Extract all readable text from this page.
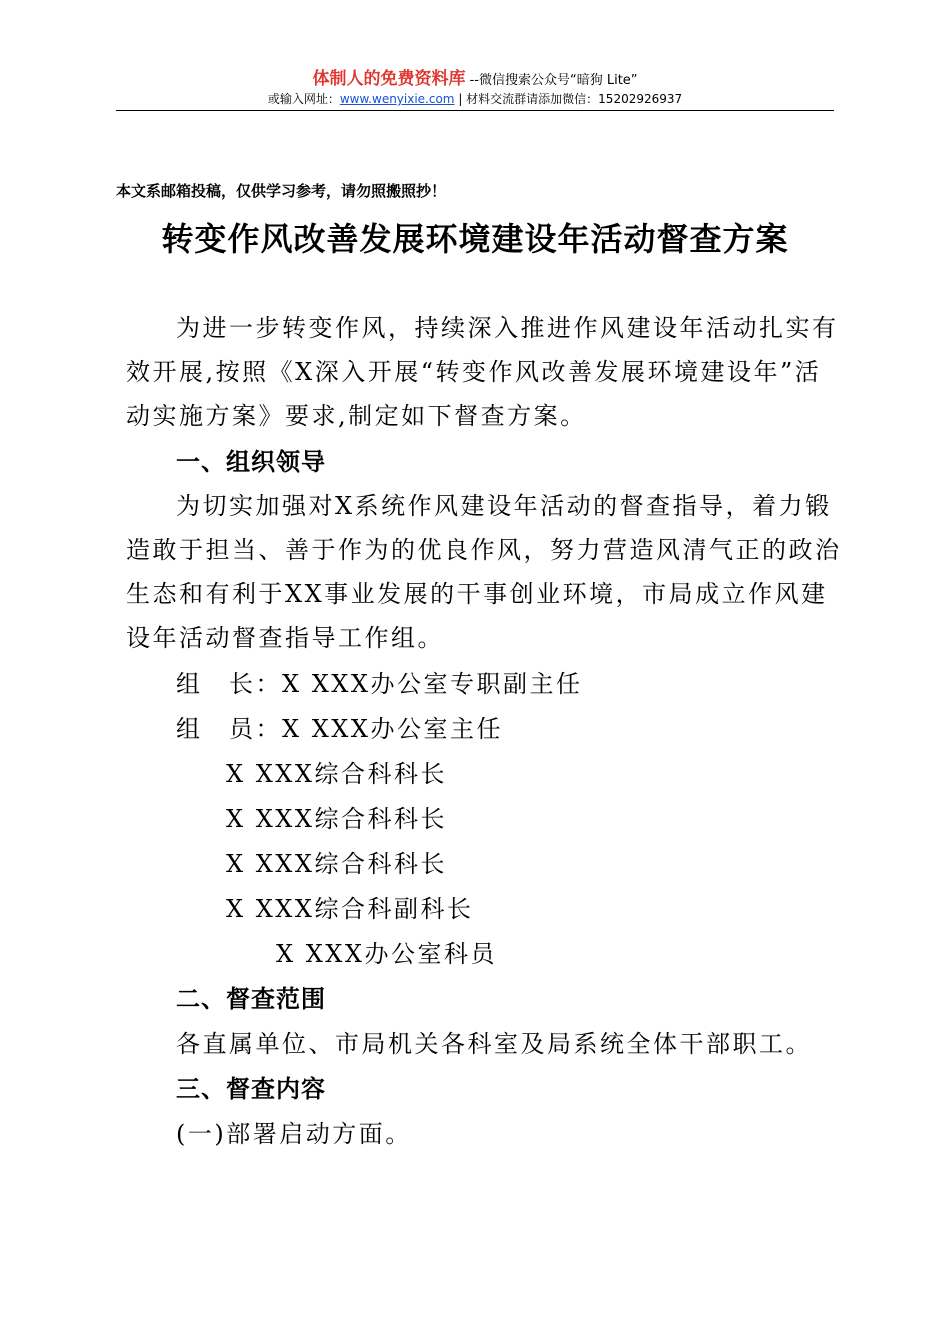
体制人的免费资料库 --微信搜索公众号“暗狗 Lite”
或输入网址：www.wenyixie.com | 材料交流群请添加微信：15202926937
本文系邮箱投稿，仅供学习参考，请勿照搬照抄！
转变作风改善发展环境建设年活动督查方案
为进一步转变作风，持续深入推进作风建设年活动扎实有
效开展,按照《X深入开展“转变作风改善发展环境建设年”活
动实施方案》要求,制定如下督查方案。
一、组织领导
为切实加强对X系统作风建设年活动的督查指导，着力锻
造敢于担当、善于作为的优良作风，努力营造风清气正的政治
生态和有利于XX事业发展的干事创业环境，市局成立作风建
设年活动督查指导工作组。
组　长：X XXX办公室专职副主任
组　员：X XXX办公室主任
X XXX综合科科长
X XXX综合科科长
X XXX综合科科长
X XXX综合科副科长
X XXX办公室科员
二、督查范围
各直属单位、市局机关各科室及局系统全体干部职工。
三、督查内容
(一)部署启动方面。
